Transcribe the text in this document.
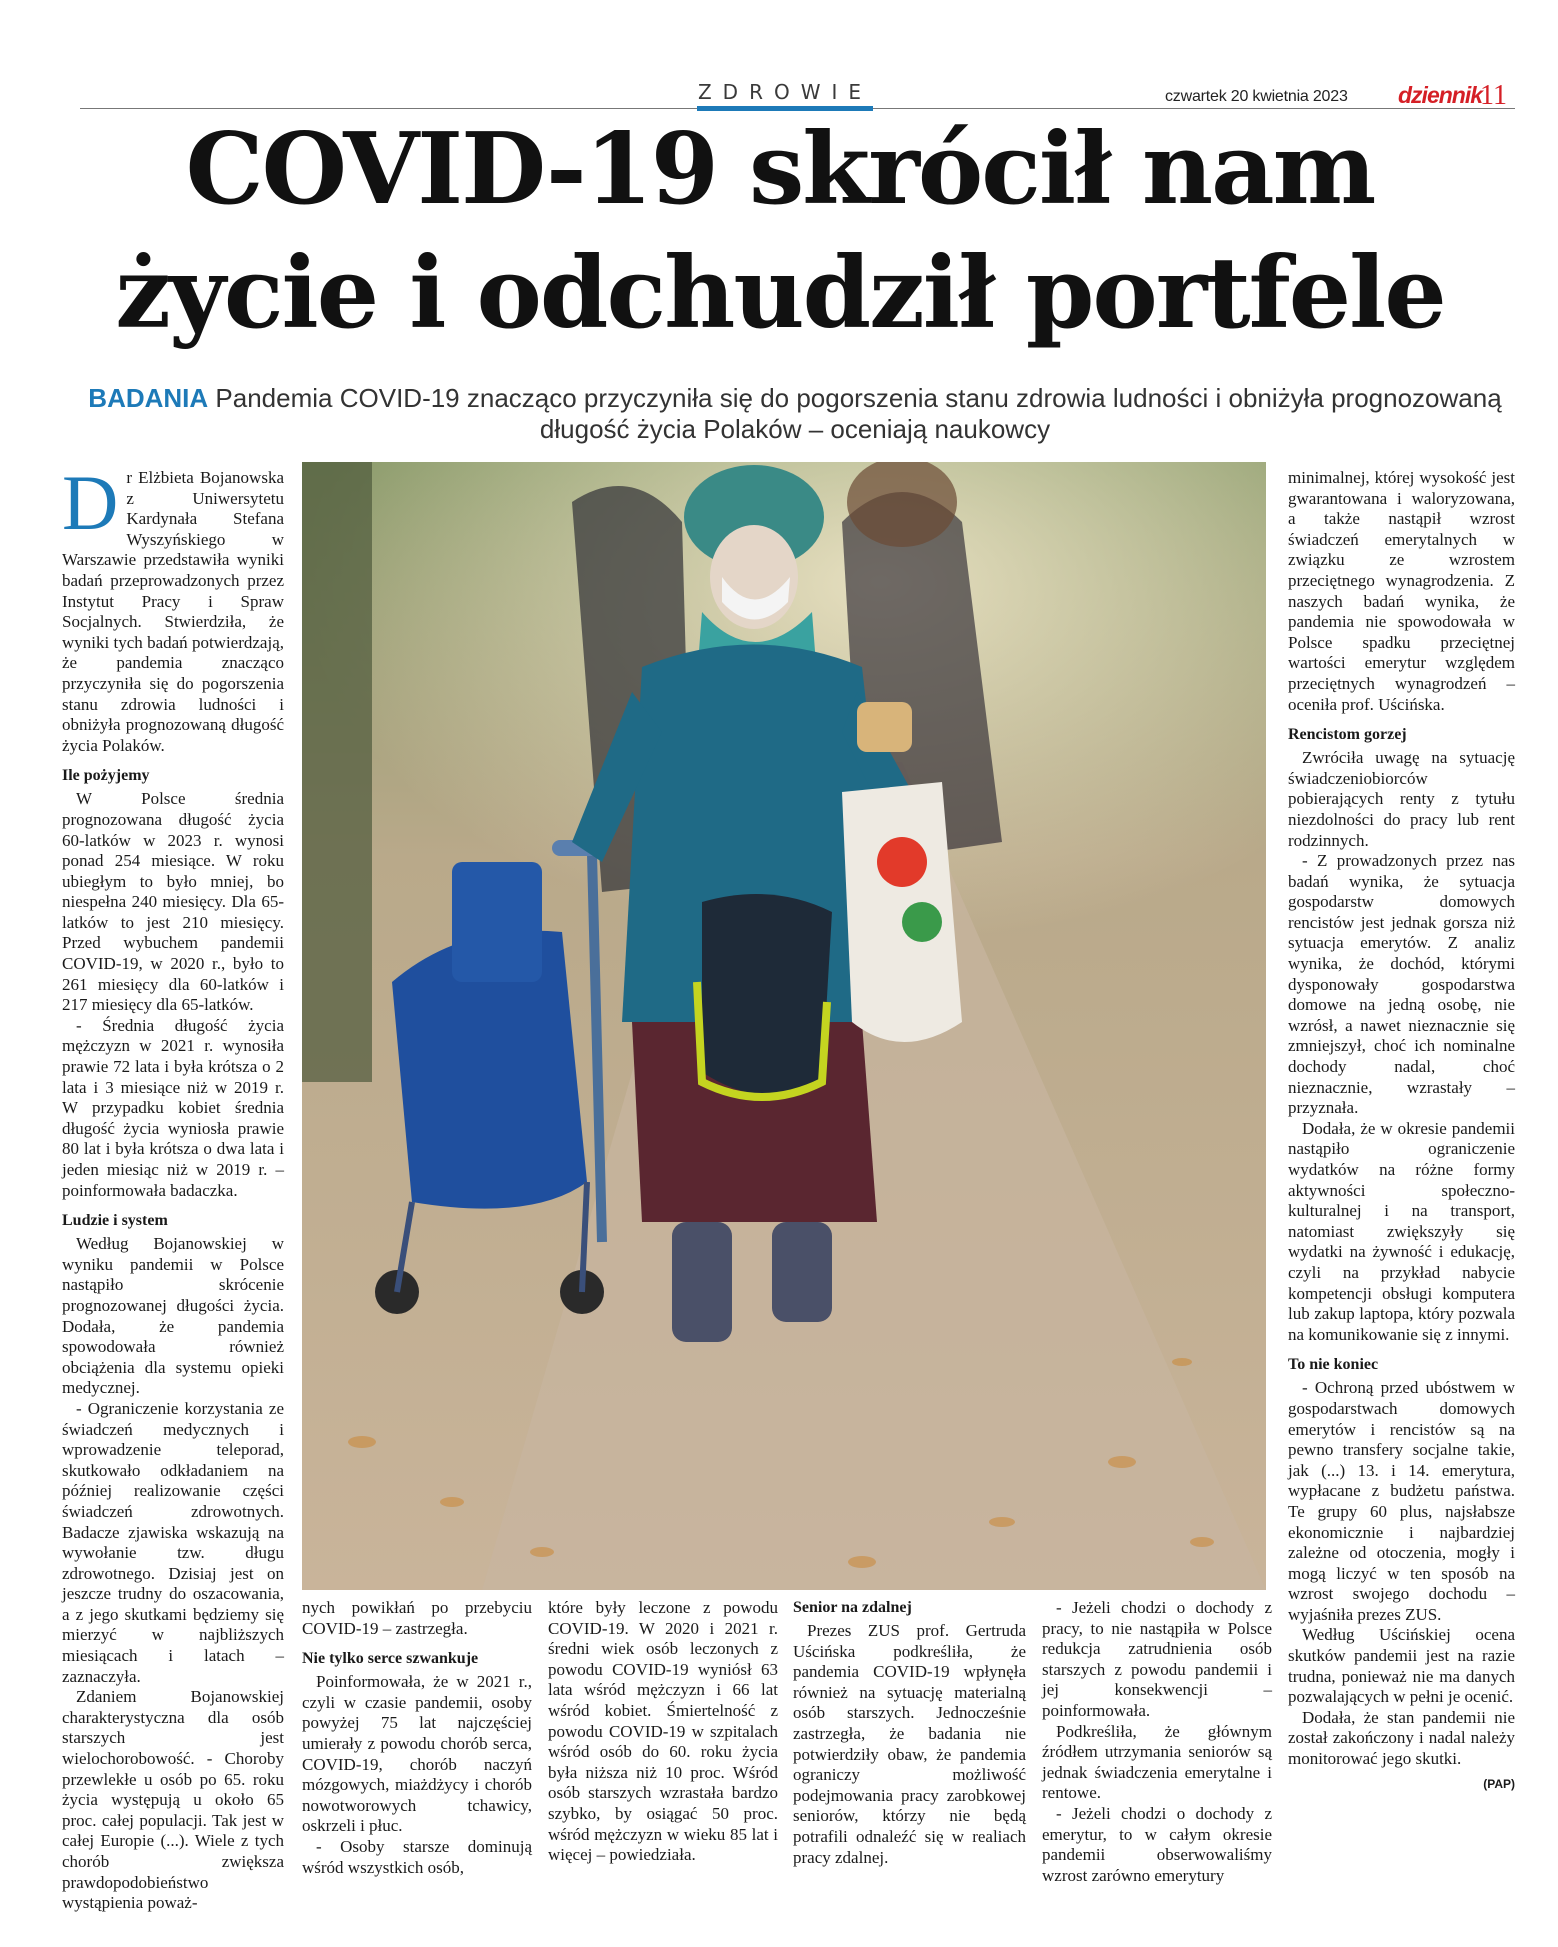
ZDROWIE	czwartek 20 kwietnia 2023 dziennik
11
COVID-19 skrócił nam
życie i odchudził portfele
BADANIA Pandemia COVID-19 znacząco przyczyniła się do pogorszenia stanu zdrowia ludności i obniżyła prognozowaną długość życia Polaków – oceniają naukowcy

Dr Elżbieta Bojanowska z Uniwersytetu Kardynała Stefana Wyszyńskiego w Warszawie przedstawiła wyniki badań przeprowadzonych przez Instytut Pracy i Spraw Socjalnych. Stwierdziła, że wyniki tych badań potwierdzają, że pandemia znacząco przyczyniła się do pogorszenia stanu zdrowia ludności i obniżyła prognozowaną długość życia Polaków.

Ile pożyjemy

W Polsce średnia prognozowana długość życia 60-latków w 2023 r. wynosi ponad 254 miesiące. W roku ubiegłym to było mniej, bo niespełna 240 miesięcy. Dla 65-latków to jest 210 miesięcy. Przed wybuchem pandemii COVID-19, w 2020 r., było to 261 miesięcy dla 60-latków i 217 miesięcy dla 65-latków.

- Średnia długość życia mężczyzn w 2021 r. wynosiła prawie 72 lata i była krótsza o 2 lata i 3 miesiące niż w 2019 r. W przypadku kobiet średnia długość życia wyniosła prawie 80 lat i była krótsza o dwa lata i jeden miesiąc niż w 2019 r. – poinformowała badaczka.

Ludzie i system

Według Bojanowskiej w wyniku pandemii w Polsce nastąpiło skrócenie prognozowanej długości życia. Dodała, że pandemia spowodowała również obciążenia dla systemu opieki medycznej.

- Ograniczenie korzystania ze świadczeń medycznych i wprowadzenie teleporad, skutkowało odkładaniem na później realizowanie części świadczeń zdrowotnych. Badacze zjawiska wskazują na wywołanie tzw. długu zdrowotnego. Dzisiaj jest on jeszcze trudny do oszacowania, a z jego skutkami będziemy się mierzyć w najbliższych miesiącach i latach – zaznaczyła.

Zdaniem Bojanowskiej charakterystyczna dla osób starszych jest wielochorobowość. - Choroby przewlekłe u osób po 65. roku życia występują u około 65 proc. całej populacji. Tak jest w całej Europie (...). Wiele z tych chorób zwiększa prawdopodobieństwo wystąpienia poważ-

nych powikłań po przebyciu COVID-19 – zastrzegła.

Nie tylko serce szwankuje

Poinformowała, że w 2021 r., czyli w czasie pandemii, osoby powyżej 75 lat najczęściej umierały z powodu chorób serca, COVID-19, chorób naczyń mózgowych, miażdżycy i chorób nowotworowych tchawicy, oskrzeli i płuc.

- Osoby starsze dominują wśród wszystkich osób,

które były leczone z powodu COVID-19. W 2020 i 2021 r. średni wiek osób leczonych z powodu COVID-19 wyniósł 63 lata wśród mężczyzn i 66 lat wśród kobiet. Śmiertelność z powodu COVID-19 w szpitalach wśród osób do 60. roku życia była niższa niż 10 proc. Wśród osób starszych wzrastała bardzo szybko, by osiągać 50 proc. wśród mężczyzn w wieku 85 lat i więcej – powiedziała.

Senior na zdalnej

Prezes ZUS prof. Gertruda Uścińska podkreśliła, że pandemia COVID-19 wpłynęła również na sytuację materialną osób starszych. Jednocześnie zastrzegła, że badania nie potwierdziły obaw, że pandemia ograniczy możliwość podejmowania pracy zarobkowej seniorów, którzy nie będą potrafili odnaleźć się w realiach pracy zdalnej.

- Jeżeli chodzi o dochody z pracy, to nie nastąpiła w Polsce redukcja zatrudnienia osób starszych z powodu pandemii i jej konsekwencji – poinformowała.

Podkreśliła, że głównym źródłem utrzymania seniorów są jednak świadczenia emerytalne i rentowe.

- Jeżeli chodzi o dochody z emerytur, to w całym okresie pandemii obserwowaliśmy wzrost zarówno emerytury

minimalnej, której wysokość jest gwarantowana i waloryzowana, a także nastąpił wzrost świadczeń emerytalnych w związku ze wzrostem przeciętnego wynagrodzenia. Z naszych badań wynika, że pandemia nie spowodowała w Polsce spadku przeciętnej wartości emerytur względem przeciętnych wynagrodzeń – oceniła prof. Uścińska.

Rencistom gorzej

Zwróciła uwagę na sytuację świadczeniobiorców pobierających renty z tytułu niezdolności do pracy lub rent rodzinnych.

- Z prowadzonych przez nas badań wynika, że sytuacja gospodarstw domowych rencistów jest jednak gorsza niż sytuacja emerytów. Z analiz wynika, że dochód, którymi dysponowały gospodarstwa domowe na jedną osobę, nie wzrósł, a nawet nieznacznie się zmniejszył, choć ich nominalne dochody nadal, choć nieznacznie, wzrastały – przyznała.

Dodała, że w okresie pandemii nastąpiło ograniczenie wydatków na różne formy aktywności społeczno-kulturalnej i na transport, natomiast zwiększyły się wydatki na żywność i edukację, czyli na przykład nabycie kompetencji obsługi komputera lub zakup laptopa, który pozwala na komunikowanie się z innymi.

To nie koniec

- Ochroną przed ubóstwem w gospodarstwach domowych emerytów i rencistów są na pewno transfery socjalne takie, jak (...) 13. i 14. emerytura, wypłacane z budżetu państwa. Te grupy 60 plus, najsłabsze ekonomicznie i najbardziej zależne od otoczenia, mogły i mogą liczyć w ten sposób na wzrost swojego dochodu – wyjaśniła prezes ZUS.

Według Uścińskiej ocena skutków pandemii jest na razie trudna, ponieważ nie ma danych pozwalających w pełni je ocenić.

Dodała, że stan pandemii nie został zakończony i nadal należy monitorować jego skutki.

(PAP)
